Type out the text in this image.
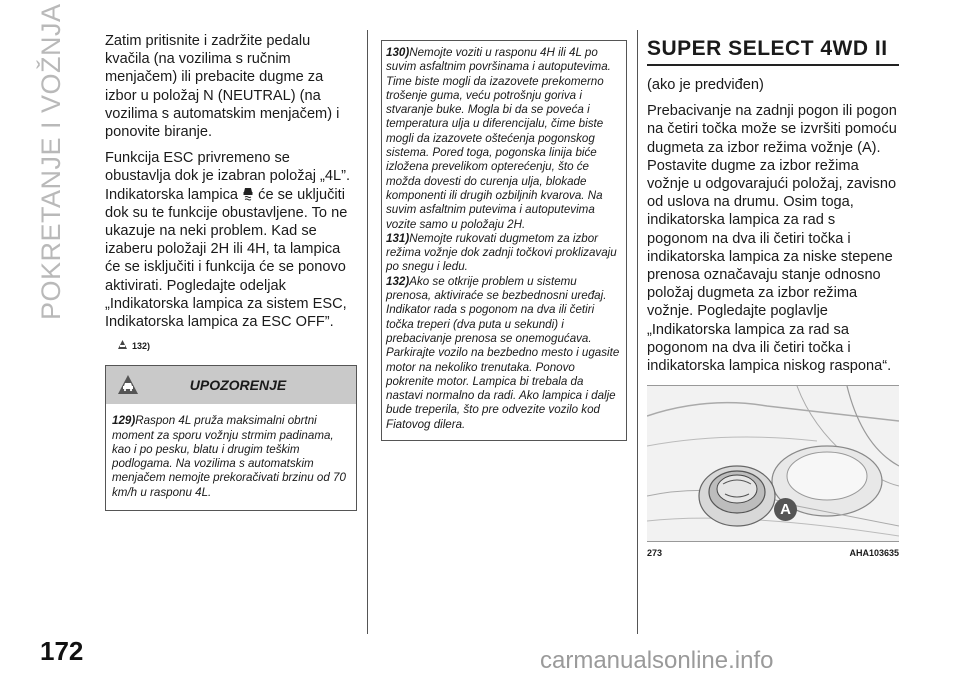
POKRETANJE I VOŽNJA	Zatim pritisnite i zadržite pedalu kvačila (na vozilima s ručnim menjačem) ili prebacite dugme za izbor u položaj N (NEUTRAL) (na vozilima s automatskim menjačem) i ponovite biranje.

Funkcija ESC privremeno se obustavlja dok je izabran položaj „4L”. Indikatorska lampica će se uključiti dok su te funkcije obustavljene. To ne ukazuje na neki problem. Kad se izaberu položaji 2H ili 4H, ta lampica će se isključiti i funkcija će se ponovo aktivirati. Pogledajte odeljak „Indikatorska lampica za sistem ESC, Indikatorska lampica za ESC OFF”.

132)
UPOZORENJE
129)Raspon 4L pruža maksimalni obrtni moment za sporu vožnju strmim padinama, kao i po pesku, blatu i drugim teškim podlogama. Na vozilima s automatskim menjačem nemojte prekoračivati brzinu od 70 km/h u rasponu 4L.

130)Nemojte voziti u rasponu 4H ili 4L po suvim asfaltnim površinama i autoputevima. Time biste mogli da izazovete prekomerno trošenje guma, veću potrošnju goriva i stvaranje buke. Mogla bi da se poveća i temperatura ulja u diferencijalu, čime biste mogli da izazovete oštećenja pogonskog sistema. Pored toga, pogonska linija biće izložena prevelikom opterećenju, što će možda dovesti do curenja ulja, blokade komponenti ili drugih ozbiljnih kvarova. Na suvim asfaltnim putevima i autoputevima vozite samo u položaju 2H.

131)Nemojte rukovati dugmetom za izbor režima vožnje dok zadnji točkovi proklizavaju po snegu i ledu.

132)Ako se otkrije problem u sistemu prenosa, aktiviraće se bezbednosni uređaj. Indikator rada s pogonom na dva ili četiri točka treperi (dva puta u sekundi) i prebacivanje prenosa se onemogućava. Parkirajte vozilo na bezbedno mesto i ugasite motor na nekoliko trenutaka. Ponovo pokrenite motor. Lampica bi trebala da nastavi normalno da radi. Ako lampica i dalje bude treperila, što pre odvezite vozilo kod Fiatovog dilera.

SUPER SELECT 4WD II

(ako je predviđen)

Prebacivanje na zadnji pogon ili pogon na četiri točka može se izvršiti pomoću dugmeta za izbor režima vožnje (A). Postavite dugme za izbor režima vožnje u odgovarajući položaj, zavisno od uslova na drumu. Osim toga, indikatorska lampica za rad s pogonom na dva ili četiri točka i indikatorska lampica za niske stepene prenosa označavaju stanje odnosno položaj dugmeta za izbor režima vožnje. Pogledajte poglavlje „Indikatorska lampica za rad sa pogonom na dva ili četiri točka i indikatorska lampica niskog raspona“.

A
273	AHA103635
172	carmanualsonline.info
